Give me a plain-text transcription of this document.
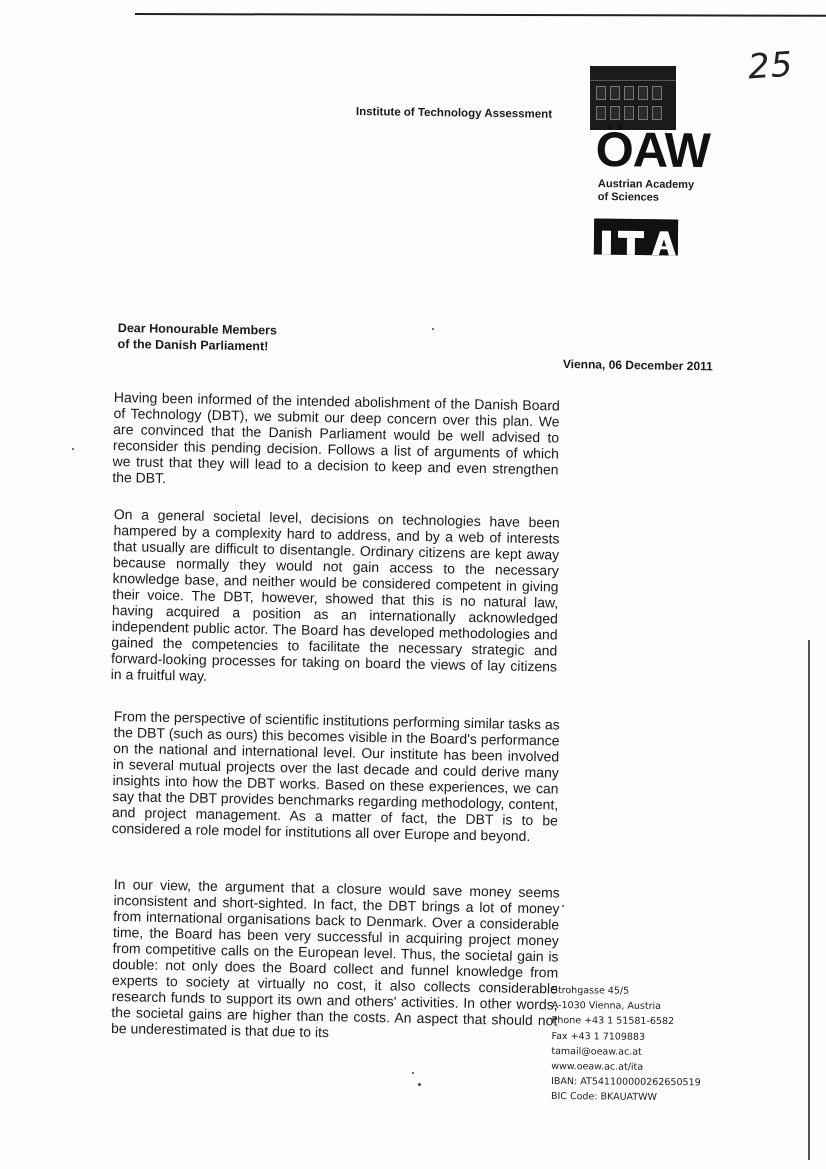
25
Institute of Technology Assessment
ÖAW
Austrian Academy
of Sciences
Dear Honourable Members
of the Danish Parliament!
Vienna, 06 December 2011
Having been informed of the intended abolishment of the Danish Board of Technology (DBT), we submit our deep concern over this plan. We are convinced that the Danish Parliament would be well advised to reconsider this pending decision. Follows a list of arguments of which we trust that they will lead to a decision to keep and even strengthen the DBT.
On a general societal level, decisions on technologies have been hampered by a complexity hard to address, and by a web of interests that usually are difficult to disentangle. Ordinary citizens are kept away because normally they would not gain access to the necessary knowledge base, and neither would be considered competent in giving their voice. The DBT, however, showed that this is no natural law, having acquired a position as an internationally acknowledged independent public actor. The Board has developed methodologies and gained the competencies to facilitate the necessary strategic and forward-looking processes for taking on board the views of lay citizens in a fruitful way.
From the perspective of scientific institutions performing similar tasks as the DBT (such as ours) this becomes visible in the Board's performance on the national and international level. Our institute has been involved in several mutual projects over the last decade and could derive many insights into how the DBT works. Based on these experiences, we can say that the DBT provides benchmarks regarding methodology, content, and project management. As a matter of fact, the DBT is to be considered a role model for institutions all over Europe and beyond.
In our view, the argument that a closure would save money seems inconsistent and short-sighted. In fact, the DBT brings a lot of money from international organisations back to Denmark. Over a considerable time, the Board has been very successful in acquiring project money from competitive calls on the European level. Thus, the societal gain is double: not only does the Board collect and funnel knowledge from experts to society at virtually no cost, it also collects considerable research funds to support its own and others' activities. In other words, the societal gains are higher than the costs. An aspect that should not be underestimated is that due to its
Strohgasse 45/5
A-1030 Vienna, Austria
Phone +43 1 51581-6582
Fax +43 1 7109883
tamail@oeaw.ac.at
www.oeaw.ac.at/ita
IBAN: AT541100000262650519
BIC Code: BKAUATWW
